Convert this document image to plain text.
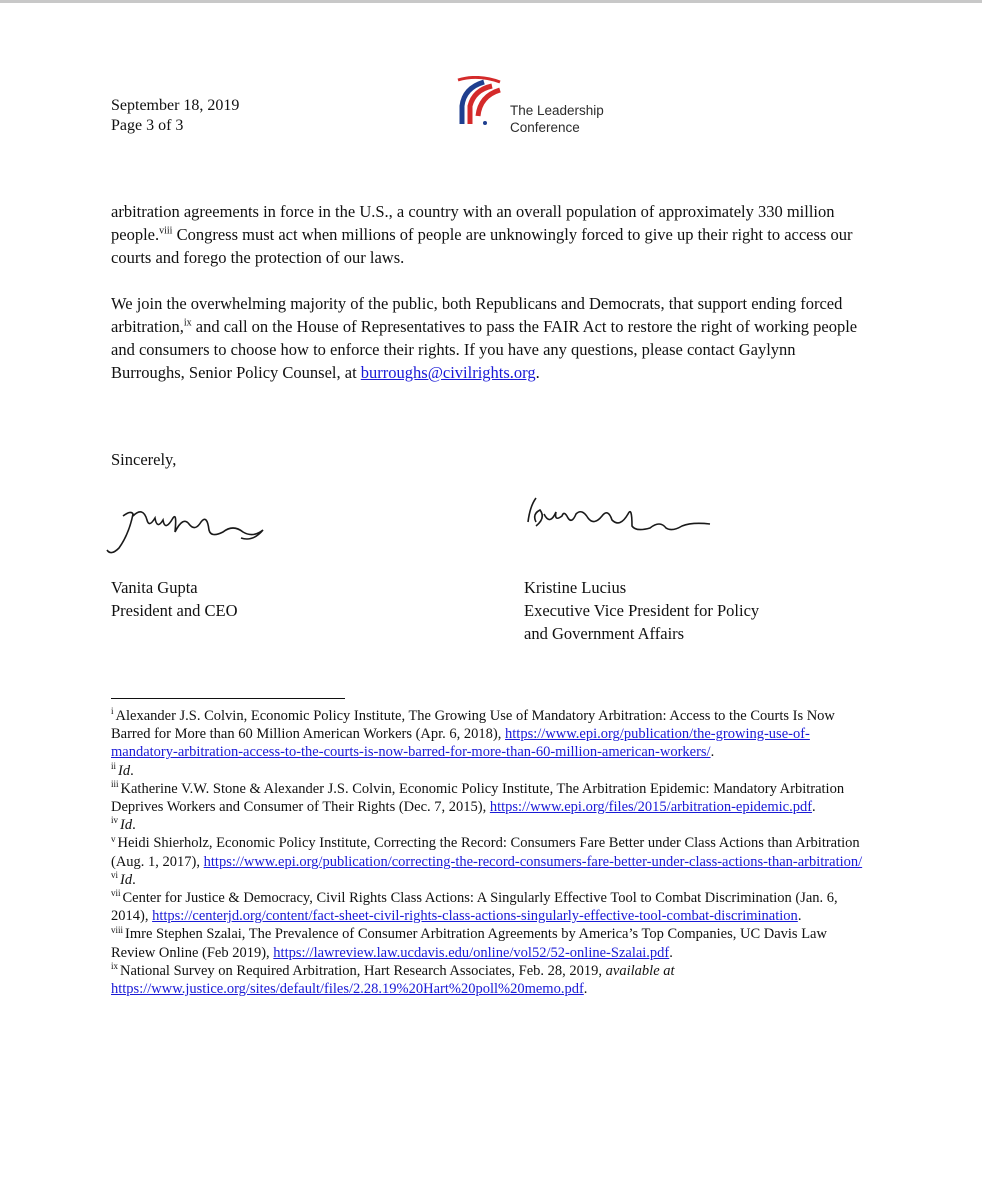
September 18, 2019
Page 3 of 3
The Leadership
Conference
arbitration agreements in force in the U.S., a country with an overall population of approximately 330 million people.$^{viii}$ Congress must act when millions of people are unknowingly forced to give up their right to access our courts and forego the protection of our laws.
We join the overwhelming majority of the public, both Republicans and Democrats, that support ending forced arbitration,$^{ix}$ and call on the House of Representatives to pass the FAIR Act to restore the right of working people and consumers to choose how to enforce their rights. If you have any questions, please contact Gaylynn Burroughs, Senior Policy Counsel, at burroughs@civilrights.org.
Sincerely,
Vanita Gupta
President and CEO
Kristine Lucius
Executive Vice President for Policy
and Government Affairs

$^i$ Alexander J.S. Colvin, Economic Policy Institute, The Growing Use of Mandatory Arbitration: Access to the Courts Is Now Barred for More than 60 Million American Workers (Apr. 6, 2018), https://www.epi.org/publication/the-growing-use-of-mandatory-arbitration-access-to-the-courts-is-now-barred-for-more-than-60-million-american-workers/.

$^{ii}$ Id.

$^{iii}$ Katherine V.W. Stone & Alexander J.S. Colvin, Economic Policy Institute, The Arbitration Epidemic: Mandatory Arbitration Deprives Workers and Consumer of Their Rights (Dec. 7, 2015), https://www.epi.org/files/2015/arbitration-epidemic.pdf.

$^{iv}$ Id.

$^v$ Heidi Shierholz, Economic Policy Institute, Correcting the Record: Consumers Fare Better under Class Actions than Arbitration (Aug. 1, 2017), https://www.epi.org/publication/correcting-the-record-consumers-fare-better-under-class-actions-than-arbitration/

$^{vi}$ Id.

$^{vii}$ Center for Justice & Democracy, Civil Rights Class Actions: A Singularly Effective Tool to Combat Discrimination (Jan. 6, 2014), https://centerjd.org/content/fact-sheet-civil-rights-class-actions-singularly-effective-tool-combat-discrimination.

$^{viii}$ Imre Stephen Szalai, The Prevalence of Consumer Arbitration Agreements by America’s Top Companies, UC Davis Law Review Online (Feb 2019), https://lawreview.law.ucdavis.edu/online/vol52/52-online-Szalai.pdf.

$^{ix}$ National Survey on Required Arbitration, Hart Research Associates, Feb. 28, 2019, available at
https://www.justice.org/sites/default/files/2.28.19%20Hart%20poll%20memo.pdf.
